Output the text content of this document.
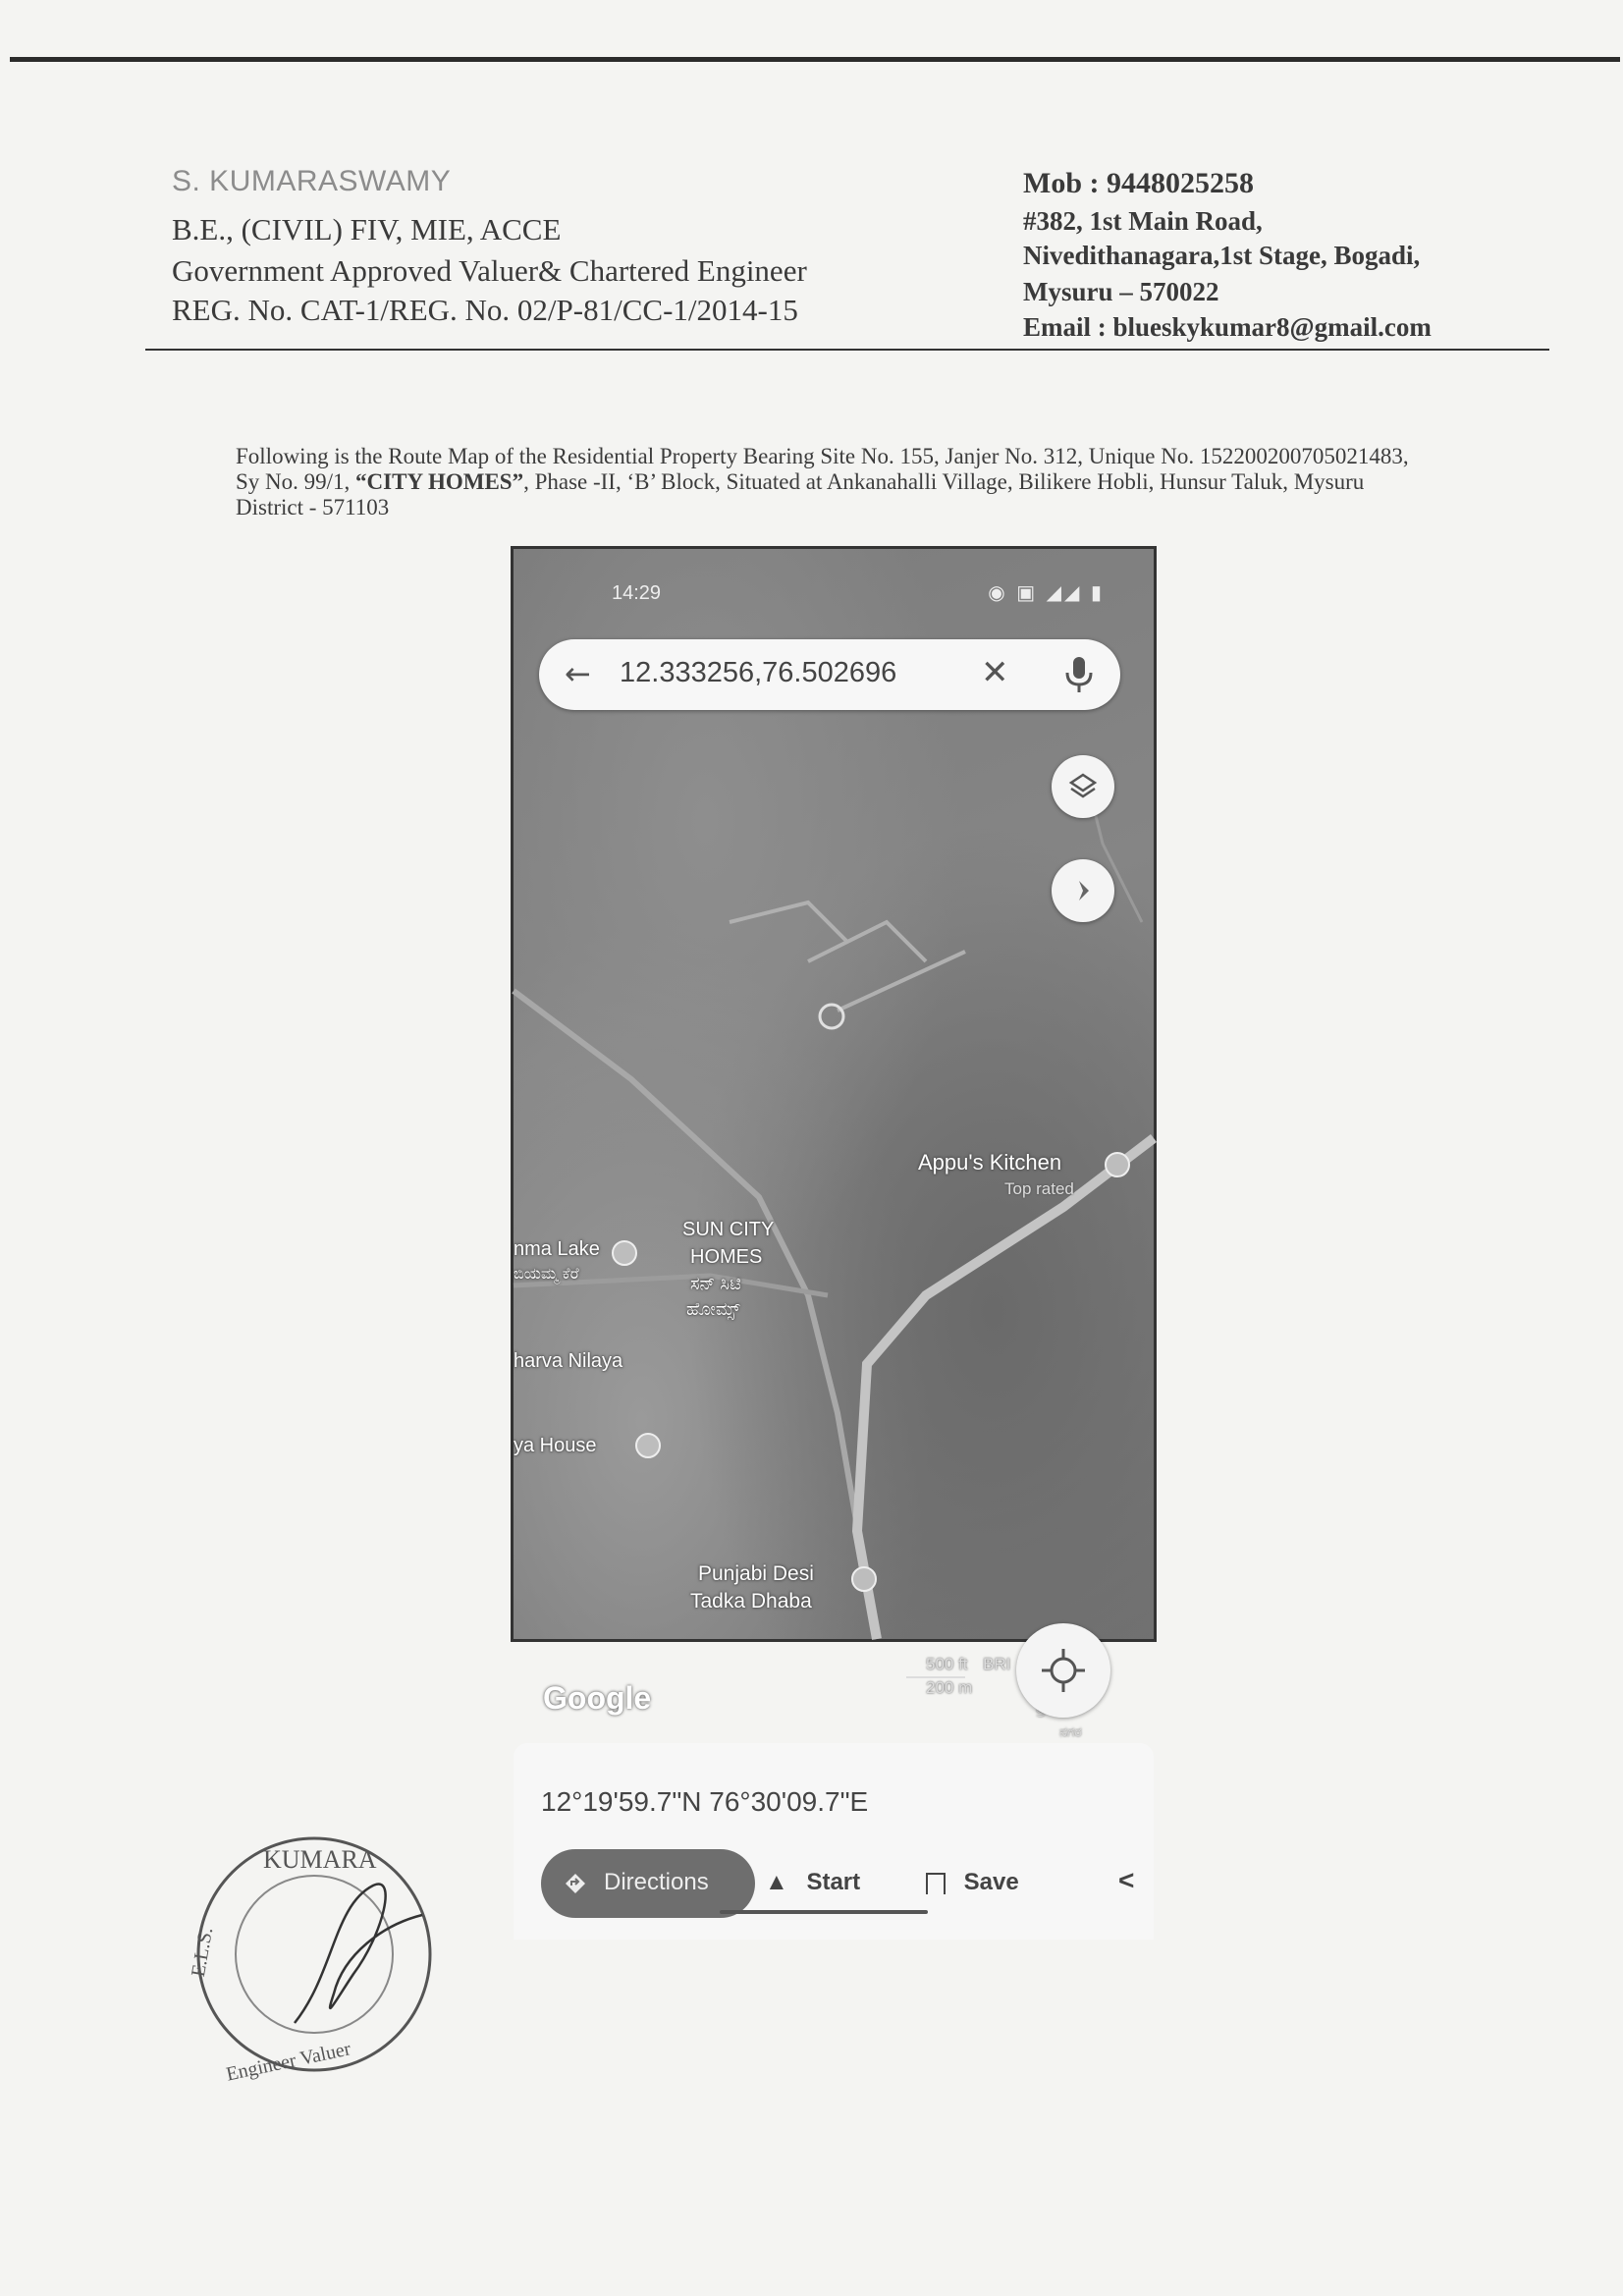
S. KUMARASWAMY
B.E., (CIVIL) FIV, MIE, ACCE
Government Approved Valuer& Chartered Engineer
REG. No. CAT-1/REG. No. 02/P-81/CC-1/2014-15
Mob : 9448025258
#382, 1st Main Road,
Nivedithanagara,1st Stage, Bogadi,
Mysuru – 570022
Email : blueskykumar8@gmail.com
Following is the Route Map of the Residential Property Bearing Site No. 155, Janjer No. 312, Unique No. 152200200705021483, Sy No. 99/1, “CITY HOMES”, Phase -II, ‘B’ Block, Situated at Ankanahalli Village, Bilikere Hobli, Hunsur Taluk, Mysuru District - 571103
14:29	◉ ▣ ◢◢ ▮
← 12.333256,76.502696	✕
Appu's Kitchen
Top rated
SUN CITY
HOMES
ಸನ್ ಸಿಟಿ
ಹೋಮ್ಸ್
nma Lake
ಬಿಯಮ್ಮ ಕೆರೆ
harva Nilaya
ya House
Punjabi Desi
Tadka Dhaba
500 ft
200 m
BRI
ನಗರ
Google
12°19'59.7"N 76°30'09.7"E
Directions ▲ Start	Save	<
KUMARA
E.L.S.
Engineer Valuer
